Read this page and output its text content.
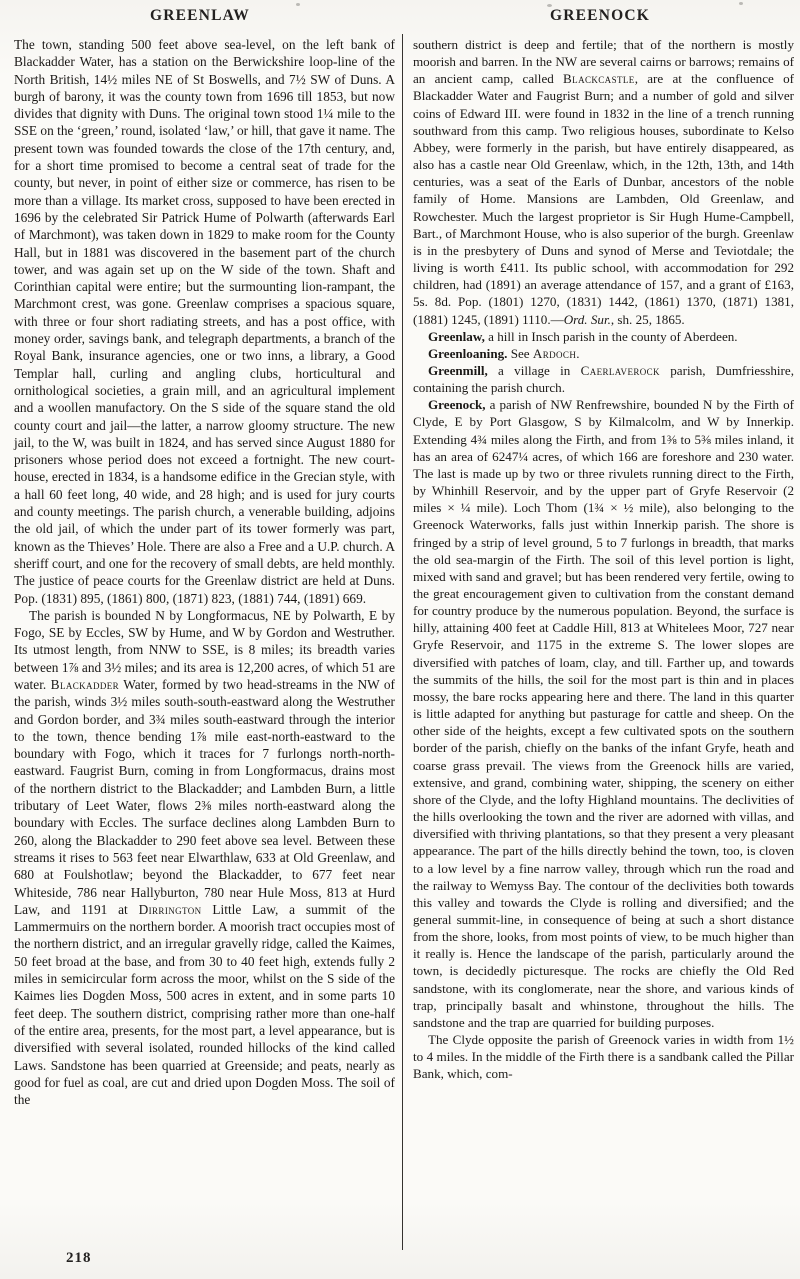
GREENLAW	GREENOCK

The town, standing 500 feet above sea-level, on the left bank of Blackadder Water, has a station on the Berwickshire loop-line of the North British, 14½ miles NE of St Boswells, and 7½ SW of Duns. A burgh of barony, it was the county town from 1696 till 1853, but now divides that dignity with Duns. The original town stood 1¼ mile to the SSE on the ‘green,’ round, isolated ‘law,’ or hill, that gave it name. The present town was founded towards the close of the 17th century, and, for a short time promised to become a central seat of trade for the county, but never, in point of either size or commerce, has risen to be more than a village. Its market cross, supposed to have been erected in 1696 by the celebrated Sir Patrick Hume of Polwarth (afterwards Earl of Marchmont), was taken down in 1829 to make room for the County Hall, but in 1881 was discovered in the basement part of the church tower, and was again set up on the W side of the town. Shaft and Corinthian capital were entire; but the surmounting lion-rampant, the Marchmont crest, was gone. Greenlaw comprises a spacious square, with three or four short radiating streets, and has a post office, with money order, savings bank, and telegraph departments, a branch of the Royal Bank, insurance agencies, one or two inns, a library, a Good Templar hall, curling and angling clubs, horticultural and ornithological societies, a grain mill, and an agricultural implement and a woollen manufactory. On the S side of the square stand the old county court and jail—the latter, a narrow gloomy structure. The new jail, to the W, was built in 1824, and has served since August 1880 for prisoners whose period does not exceed a fortnight. The new court-house, erected in 1834, is a handsome edifice in the Grecian style, with a hall 60 feet long, 40 wide, and 28 high; and is used for jury courts and county meetings. The parish church, a venerable building, adjoins the old jail, of which the under part of its tower formerly was part, known as the Thieves’ Hole. There are also a Free and a U.P. church. A sheriff court, and one for the recovery of small debts, are held monthly. The justice of peace courts for the Greenlaw district are held at Duns. Pop. (1831) 895, (1861) 800, (1871) 823, (1881) 744, (1891) 669.

The parish is bounded N by Longformacus, NE by Polwarth, E by Fogo, SE by Eccles, SW by Hume, and W by Gordon and Westruther. Its utmost length, from NNW to SSE, is 8 miles; its breadth varies between 1⅞ and 3½ miles; and its area is 12,200 acres, of which 51 are water. Blackadder Water, formed by two head-streams in the NW of the parish, winds 3½ miles south-south-eastward along the Westruther and Gordon border, and 3¾ miles south-eastward through the interior to the town, thence bending 1⅞ mile east-north-eastward to the boundary with Fogo, which it traces for 7 furlongs north-north-eastward. Faugrist Burn, coming in from Longformacus, drains most of the northern district to the Blackadder; and Lambden Burn, a little tributary of Leet Water, flows 2⅜ miles north-eastward along the boundary with Eccles. The surface declines along Lambden Burn to 260, along the Blackadder to 290 feet above sea level. Between these streams it rises to 563 feet near Elwarthlaw, 633 at Old Greenlaw, and 680 at Foulshotlaw; beyond the Blackadder, to 677 feet near Whiteside, 786 near Hallyburton, 780 near Hule Moss, 813 at Hurd Law, and 1191 at Dirrington Little Law, a summit of the Lammermuirs on the northern border. A moorish tract occupies most of the northern district, and an irregular gravelly ridge, called the Kaimes, 50 feet broad at the base, and from 30 to 40 feet high, extends fully 2 miles in semicircular form across the moor, whilst on the S side of the Kaimes lies Dogden Moss, 500 acres in extent, and in some parts 10 feet deep. The southern district, comprising rather more than one-half of the entire area, presents, for the most part, a level appearance, but is diversified with several isolated, rounded hillocks of the kind called Laws. Sandstone has been quarried at Greenside; and peats, nearly as good for fuel as coal, are cut and dried upon Dogden Moss. The soil of the

southern district is deep and fertile; that of the northern is mostly moorish and barren. In the NW are several cairns or barrows; remains of an ancient camp, called Blackcastle, are at the confluence of Blackadder Water and Faugrist Burn; and a number of gold and silver coins of Edward III. were found in 1832 in the line of a trench running southward from this camp. Two religious houses, subordinate to Kelso Abbey, were formerly in the parish, but have entirely disappeared, as also has a castle near Old Greenlaw, which, in the 12th, 13th, and 14th centuries, was a seat of the Earls of Dunbar, ancestors of the noble family of Home. Mansions are Lambden, Old Greenlaw, and Rowchester. Much the largest proprietor is Sir Hugh Hume-Campbell, Bart., of Marchmont House, who is also superior of the burgh. Greenlaw is in the presbytery of Duns and synod of Merse and Teviotdale; the living is worth £411. Its public school, with accommodation for 292 children, had (1891) an average attendance of 157, and a grant of £163, 5s. 8d. Pop. (1801) 1270, (1831) 1442, (1861) 1370, (1871) 1381, (1881) 1245, (1891) 1110.—Ord. Sur., sh. 25, 1865.

Greenlaw, a hill in Insch parish in the county of Aberdeen.

Greenloaning. See Ardoch.

Greenmill, a village in Caerlaverock parish, Dumfriesshire, containing the parish church.

Greenock, a parish of NW Renfrewshire, bounded N by the Firth of Clyde, E by Port Glasgow, S by Kilmalcolm, and W by Innerkip. Extending 4¾ miles along the Firth, and from 1⅜ to 5⅜ miles inland, it has an area of 6247¼ acres, of which 166 are foreshore and 230 water. The last is made up by two or three rivulets running direct to the Firth, by Whinhill Reservoir, and by the upper part of Gryfe Reservoir (2 miles × ¼ mile). Loch Thom (1¾ × ½ mile), also belonging to the Greenock Waterworks, falls just within Innerkip parish. The shore is fringed by a strip of level ground, 5 to 7 furlongs in breadth, that marks the old sea-margin of the Firth. The soil of this level portion is light, mixed with sand and gravel; but has been rendered very fertile, owing to the great encouragement given to cultivation from the constant demand for country produce by the numerous population. Beyond, the surface is hilly, attaining 400 feet at Caddle Hill, 813 at Whitelees Moor, 727 near Gryfe Reservoir, and 1175 in the extreme S. The lower slopes are diversified with patches of loam, clay, and till. Farther up, and towards the summits of the hills, the soil for the most part is thin and in places mossy, the bare rocks appearing here and there. The land in this quarter is little adapted for anything but pasturage for cattle and sheep. On the other side of the heights, except a few cultivated spots on the southern border of the parish, chiefly on the banks of the infant Gryfe, heath and coarse grass prevail. The views from the Greenock hills are varied, extensive, and grand, combining water, shipping, the scenery on either shore of the Clyde, and the lofty Highland mountains. The declivities of the hills overlooking the town and the river are adorned with villas, and diversified with thriving plantations, so that they present a very pleasant appearance. The part of the hills directly behind the town, too, is cloven to a low level by a fine narrow valley, through which run the road and the railway to Wemyss Bay. The contour of the declivities both towards this valley and towards the Clyde is rolling and diversified; and the general summit-line, in consequence of being at such a short distance from the shore, looks, from most points of view, to be much higher than it really is. Hence the landscape of the parish, particularly around the town, is decidedly picturesque. The rocks are chiefly the Old Red sandstone, with its conglomerate, near the shore, and various kinds of trap, principally basalt and whinstone, throughout the hills. The sandstone and the trap are quarried for building purposes.

The Clyde opposite the parish of Greenock varies in width from 1½ to 4 miles. In the middle of the Firth there is a sandbank called the Pillar Bank, which, com-

218
